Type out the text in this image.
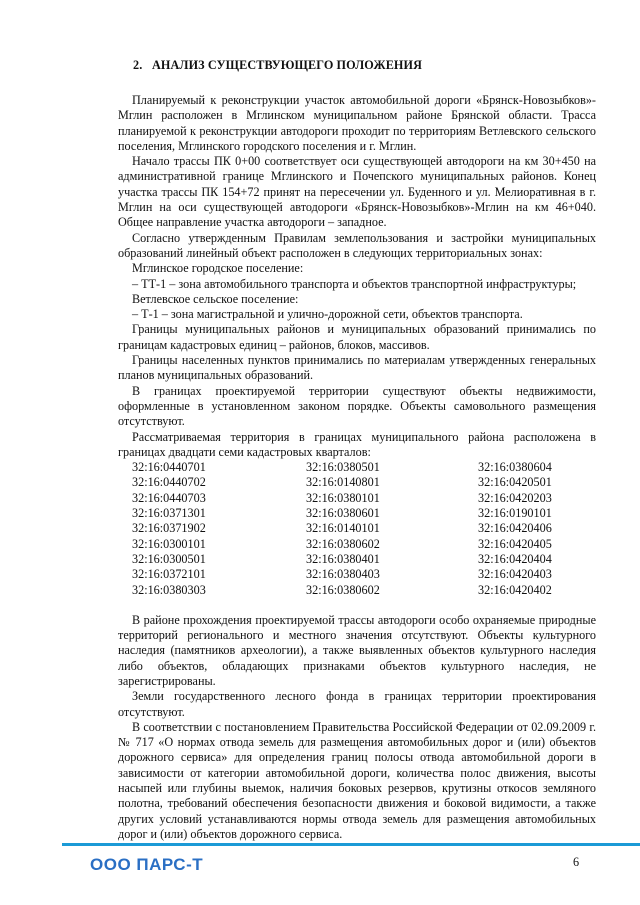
2. АНАЛИЗ СУЩЕСТВУЮЩЕГО ПОЛОЖЕНИЯ

Планируемый к реконструкции участок автомобильной дороги «Брянск-Новозыбков»-Мглин расположен в Мглинском муниципальном районе Брянской области. Трасса планируемой к реконструкции автодороги проходит по территориям Ветлевского сельского поселения, Мглинского городского поселения и г. Мглин.

Начало трассы ПК 0+00 соответствует оси существующей автодороги на км 30+450 на административной границе Мглинского и Почепского муниципальных районов. Конец участка трассы ПК 154+72 принят на пересечении ул. Буденного и ул. Мелиоративная в г. Мглин на оси существующей автодороги «Брянск-Новозыбков»-Мглин на км 46+040. Общее направление участка автодороги – западное.

Согласно утвержденным Правилам землепользования и застройки муниципальных образований линейный объект расположен в следующих территориальных зонах:

Мглинское городское поселение:

– ТТ-1 – зона автомобильного транспорта и объектов транспортной инфраструктуры;

Ветлевское сельское поселение:

– Т-1 – зона магистральной и улично-дорожной сети, объектов транспорта.

Границы муниципальных районов и муниципальных образований принимались по границам кадастровых единиц – районов, блоков, массивов.

Границы населенных пунктов принимались по материалам утвержденных генеральных планов муниципальных образований.

В границах проектируемой территории существуют объекты недвижимости, оформленные в установленном законом порядке. Объекты самовольного размещения отсутствуют.

Рассматриваемая территория в границах муниципального района расположена в границах двадцати семи кадастровых кварталов:

32:16:0440701	32:16:0380501	32:16:0380604
32:16:0440702	32:16:0140801	32:16:0420501
32:16:0440703	32:16:0380101	32:16:0420203
32:16:0371301	32:16:0380601	32:16:0190101
32:16:0371902	32:16:0140101	32:16:0420406
32:16:0300101	32:16:0380602	32:16:0420405
32:16:0300501	32:16:0380401	32:16:0420404
32:16:0372101	32:16:0380403	32:16:0420403
32:16:0380303	32:16:0380602	32:16:0420402

В районе прохождения проектируемой трассы автодороги особо охраняемые природные территорий регионального и местного значения отсутствуют. Объекты культурного наследия (памятников археологии), а также выявленных объектов культурного наследия либо объектов, обладающих признаками объектов культурного наследия, не зарегистрированы.

Земли государственного лесного фонда в границах территории проектирования отсутствуют.

В соответствии с постановлением Правительства Российской Федерации от 02.09.2009 г. № 717 «О нормах отвода земель для размещения автомобильных дорог и (или) объектов дорожного сервиса» для определения границ полосы отвода автомобильной дороги в зависимости от категории автомобильной дороги, количества полос движения, высоты насыпей или глубины выемок, наличия боковых резервов, крутизны откосов земляного полотна, требований обеспечения безопасности движения и боковой видимости, а также других условий устанавливаются нормы отвода земель для размещения автомобильных дорог и (или) объектов дорожного сервиса.

ООО ПАРС-Т	6
